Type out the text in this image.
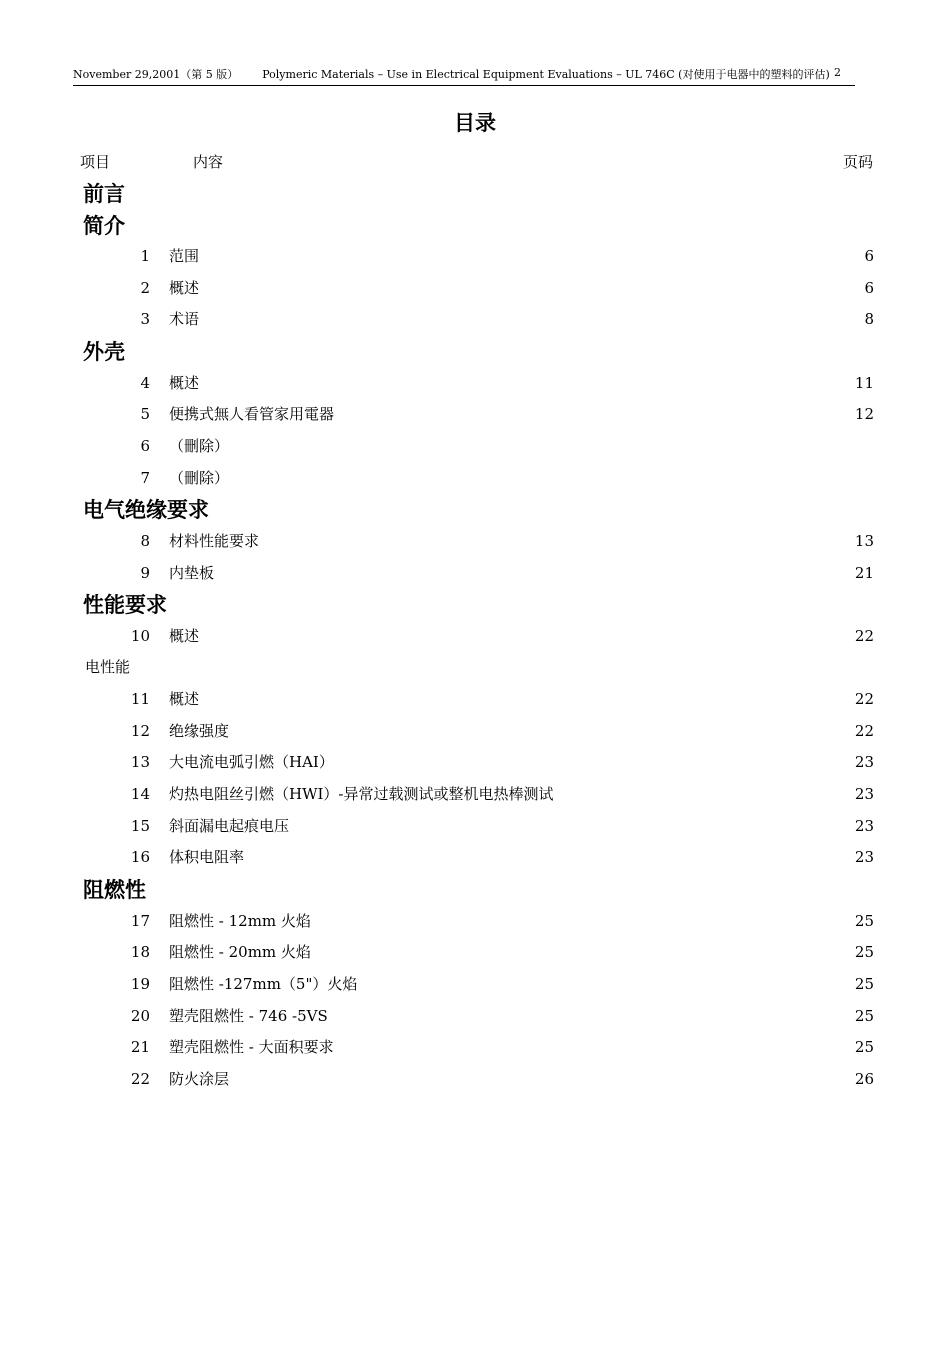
November 29,2001（第 5 版） Polymeric Materials – Use in Electrical Equipment Evaluations – UL 746C (对使用于电器中的塑料的评估) 2
目录
项目	内容	页码
前言
简介
1 范围	6
2 概述	6
3 术语	8
外壳
4 概述	11
5 便携式無人看管家用電器	12
6 （刪除）
7 （刪除）
电气绝缘要求
8 材料性能要求	13
9 内垫板	21
性能要求
10 概述	22
电性能
11 概述	22
12 绝缘强度	22
13 大电流电弧引燃（HAI）	23
14 灼热电阻丝引燃（HWI）-异常过载测试或整机电热棒测试	23
15 斜面漏电起痕电压	23
16 体积电阻率	23
阻燃性
17 阻燃性 - 12mm 火焰	25
18 阻燃性 - 20mm 火焰	25
19 阻燃性 -127mm（5"）火焰	25
20 塑壳阻燃性 - 746 -5VS	25
21 塑壳阻燃性 - 大面积要求	25
22 防火涂层	26
